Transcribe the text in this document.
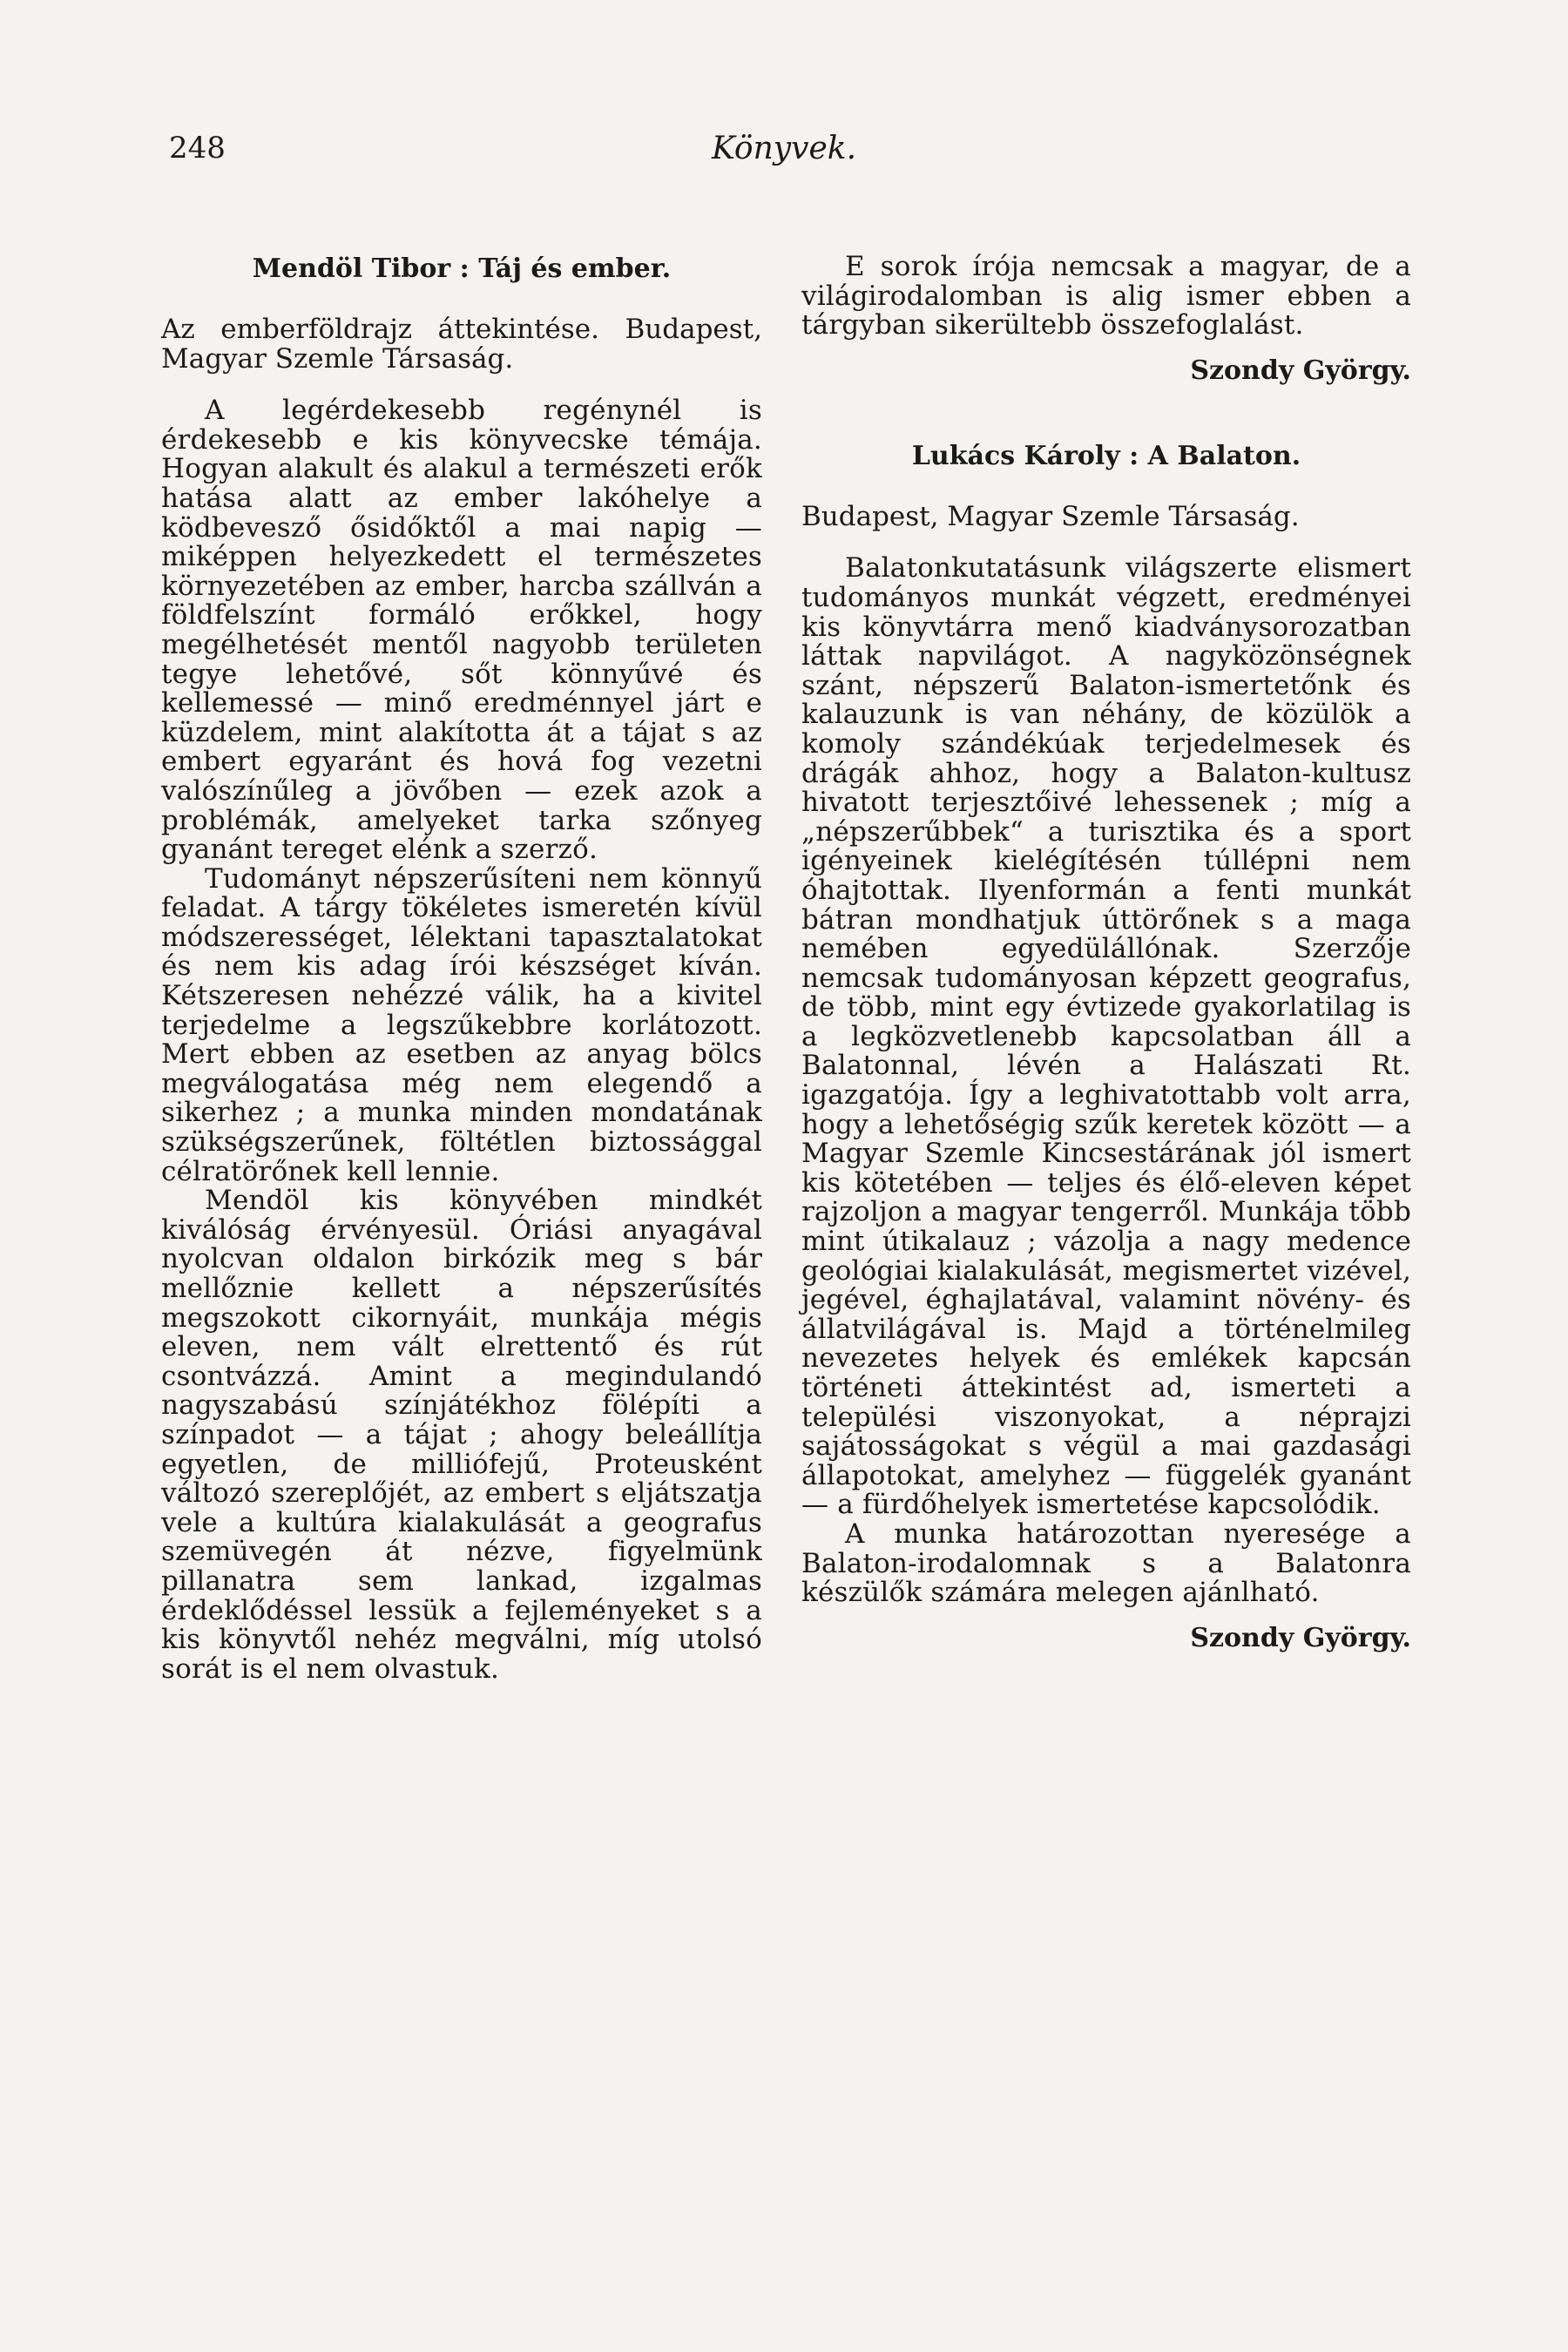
248	Könyvek.
Mendöl Tibor : Táj és ember.
Az emberföldrajz áttekintése. Budapest, Magyar Szemle Társaság.

A legérdekesebb regénynél is érdekesebb e kis könyvecske témája. Hogyan alakult és alakul a természeti erők hatása alatt az ember lakóhelye a ködbevesző ősidőktől a mai napig — miképpen helyezkedett el természetes környezetében az ember, harcba szállván a földfelszínt formáló erőkkel, hogy megélhetését mentől nagyobb területen tegye lehetővé, sőt könnyűvé és kellemessé — minő eredménnyel járt e küzdelem, mint alakította át a tájat s az embert egyaránt és hová fog vezetni valószínűleg a jövőben — ezek azok a problémák, amelyeket tarka szőnyeg gyanánt tereget elénk a szerző.

Tudományt népszerűsíteni nem könnyű feladat. A tárgy tökéletes ismeretén kívül módszerességet, lélektani tapasztalatokat és nem kis adag írói készséget kíván. Kétszeresen nehézzé válik, ha a kivitel terjedelme a legszűkebbre korlátozott. Mert ebben az esetben az anyag bölcs megválogatása még nem elegendő a sikerhez ; a munka minden mondatának szükségszerűnek, föltétlen biztossággal célratörőnek kell lennie.

Mendöl kis könyvében mindkét kiválóság érvényesül. Óriási anyagával nyolcvan oldalon birkózik meg s bár mellőznie kellett a népszerűsítés megszokott cikornyáit, munkája mégis eleven, nem vált elrettentő és rút csontvázzá. Amint a megindulandó nagyszabású színjátékhoz fölépíti a színpadot — a tájat ; ahogy beleállítja egyetlen, de milliófejű, Proteusként változó szereplőjét, az embert s eljátszatja vele a kultúra kialakulását a geografus szemüvegén át nézve, figyelmünk pillanatra sem lankad, izgalmas érdeklődéssel lessük a fejleményeket s a kis könyvtől nehéz megválni, míg utolsó sorát is el nem olvastuk.

E sorok írója nemcsak a magyar, de a világirodalomban is alig ismer ebben a tárgyban sikerültebb összefoglalást.

Szondy György.
Lukács Károly : A Balaton.
Budapest, Magyar Szemle Társaság.

Balatonkutatásunk világszerte elismert tudományos munkát végzett, eredményei kis könyvtárra menő kiadványsorozatban láttak napvilágot. A nagyközönségnek szánt, népszerű Balaton-ismertetőnk és kalauzunk is van néhány, de közülök a komoly szándékúak terjedelmesek és drágák ahhoz, hogy a Balaton-kultusz hivatott terjesztőivé lehessenek ; míg a „népszerűbbek“ a turisztika és a sport igényeinek kielégítésén túllépni nem óhajtottak. Ilyenformán a fenti munkát bátran mondhatjuk úttörőnek s a maga nemében egyedülállónak. Szerzője nemcsak tudományosan képzett geografus, de több, mint egy évtizede gyakorlatilag is a legközvetlenebb kapcsolatban áll a Balatonnal, lévén a Halászati Rt. igazgatója. Így a leghivatottabb volt arra, hogy a lehetőségig szűk keretek között — a Magyar Szemle Kincsestárának jól ismert kis kötetében — teljes és élő-eleven képet rajzoljon a magyar tengerről. Munkája több mint útikalauz ; vázolja a nagy medence geológiai kialakulását, megismertet vizével, jegével, éghajlatával, valamint növény- és állatvilágával is. Majd a történelmileg nevezetes helyek és emlékek kapcsán történeti áttekintést ad, ismerteti a települési viszonyokat, a néprajzi sajátosságokat s végül a mai gazdasági állapotokat, amelyhez — függelék gyanánt — a fürdőhelyek ismertetése kapcsolódik.

A munka határozottan nyeresége a Balaton-irodalomnak s a Balatonra készülők számára melegen ajánlható.

Szondy György.
